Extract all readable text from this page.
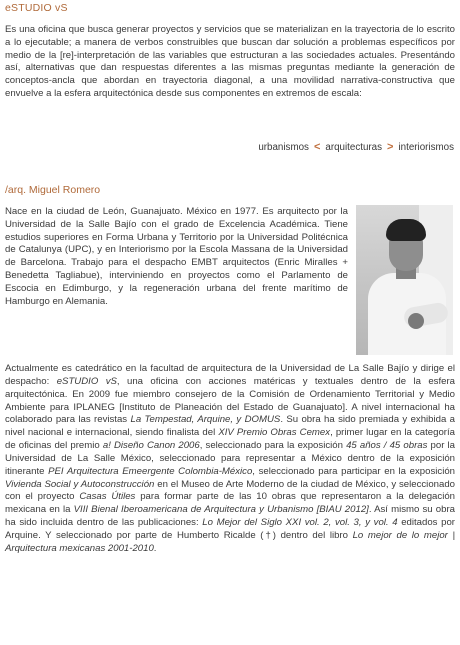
eSTUDIO vS

Es una oficina que busca generar proyectos y servicios que se materializan en la trayectoria de lo escrito a lo ejecutable; a manera de verbos construibles que buscan dar solución a problemas específicos por medio de la [re]-interpretación de las variables que estructuran a las sociedades actuales. Presentándo así, alternativas que dan respuestas diferentes a las mismas preguntas mediante la generación de conceptos-ancla que abordan en trayectoria diagonal, a una movilidad narrativa-constructiva que envuelve a la esfera arquitectónica desde sus componentes en extremos de escala:

urbanismos < arquitecturas > interiorismos
/arq. Miguel Romero

Nace en la ciudad de León, Guanajuato. México en 1977. Es arquitecto por la Universidad de la Salle Bajío con el grado de Excelencia Académica. Tiene estudios superiores en Forma Urbana y Territorio por la Universidad Politécnica de Catalunya (UPC), y en Interiorismo por la Escola Massana de la Universidad de Barcelona. Trabajo para el despacho EMBT arquitectos (Enric Miralles + Benedetta Tagliabue), interviniendo en proyectos como el Parlamento de Escocia en Edimburgo, y la regeneración urbana del frente marítimo de Hamburgo en Alemania.

Actualmente es catedrático en la facultad de arquitectura de la Universidad de La Salle Bajío y dirige el despacho: eSTUDIO vS, una oficina con acciones matéricas y textuales dentro de la esfera arquitectónica. En 2009 fue miembro consejero de la Comisión de Ordenamiento Territorial y Medio Ambiente para IPLANEG [Instituto de Planeación del Estado de Guanajuato]. A nivel internacional ha colaborado para las revistas La Tempestad, Arquine, y DOMUS. Su obra ha sido premiada y exhibida a nivel nacional e internacional, siendo finalista del XIV Premio Obras Cemex, primer lugar en la categoría de oficinas del premio a! Diseño Canon 2006, seleccionado para la exposición 45 años / 45 obras por la Universidad de La Salle México, seleccionado para representar a México dentro de la exposición itinerante PEI Arquitectura Emeergente Colombia-México, seleccionado para participar en la exposición Vivienda Social y Autoconstrucción en el Museo de Arte Moderno de la ciudad de México, y seleccionado con el proyecto Casas Útiles para formar parte de las 10 obras que representaron a la delegación mexicana en la VIII Bienal Iberoamericana de Arquitectura y Urbanismo [BIAU 2012]. Así mismo su obra ha sido incluida dentro de las publicaciones: Lo Mejor del Siglo XXI vol. 2, vol. 3, y vol. 4 editados por Arquine. Y seleccionado por parte de Humberto Ricalde (†) dentro del libro Lo mejor de lo mejor | Arquitectura mexicanas 2001-2010.
